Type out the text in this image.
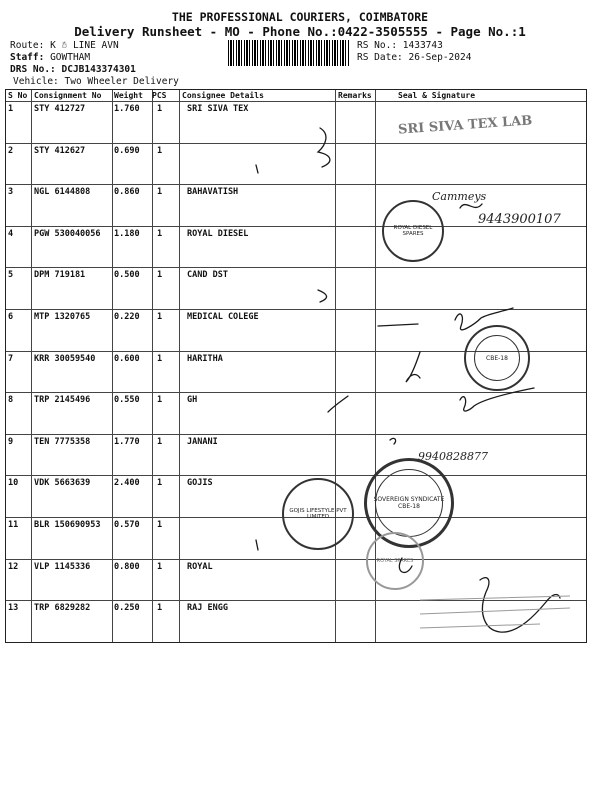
THE PROFESSIONAL COURIERS, COIMBATORE
Delivery Runsheet - MO - Phone No.:0422-3505555 - Page No.:1
Route: K ☃ LINE AVN
Staff: GOWTHAM
DRS No.: DCJB143374301
Vehicle: Two Wheeler Delivery
RS No.: 1433743
RS Date: 26-Sep-2024
S No Consignment No Weight PCS Consignee Details	Remarks	Seal & Signature
1 STY 412727	1.760 1	SRI SIVA TEX
2 STY 412627	0.690 1
3 NGL 6144808	0.860 1	BAHAVATISH
4 PGW 530040056 1.180 1	ROYAL DIESEL
5 DPM 719181	0.500 1	CAND DST
6 MTP 1320765	0.220 1	MEDICAL COLEGE
7 KRR 30059540 0.600 1	HARITHA
8 TRP 2145496	0.550 1	GH
9 TEN 7775358	1.770 1	JANANI
10 VDK 5663639	2.400 1	GOJIS
11 BLR 150690953 0.570 1
12 VLP 1145336	0.800 1	ROYAL
13 TRP 6829282	0.250 1	RAJ ENGG
ROYAL DIESEL SPARES
CBE-18
SOVEREIGN SYNDICATE CBE-18
GOJIS LIFESTYLE PVT LIMITED
ROYAL SPARES
SRI SIVA TEX LAB
Cammeys
9443900107
9940828877
